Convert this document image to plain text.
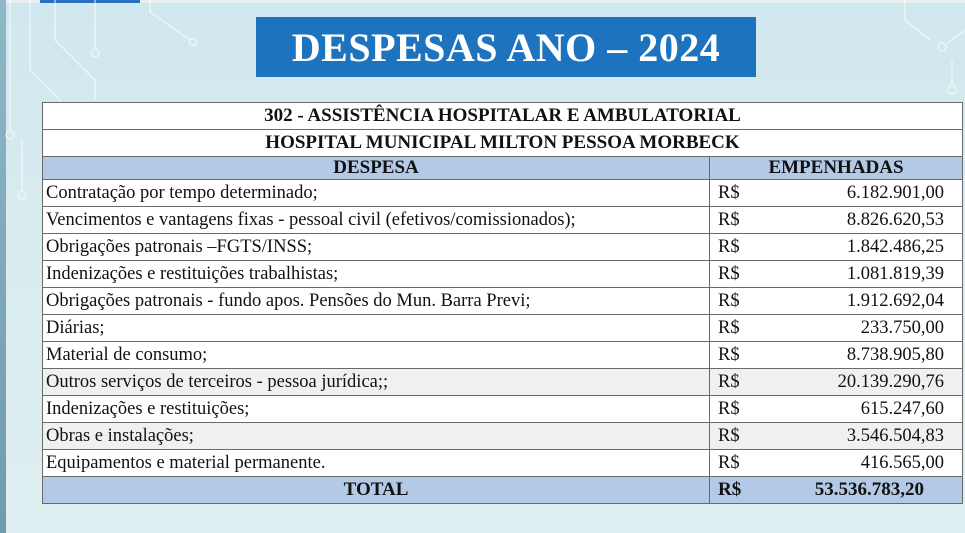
DESPESAS ANO – 2024
302 - ASSISTÊNCIA HOSPITALAR E AMBULATORIAL		
HOSPITAL MUNICIPAL MILTON PESSOA MORBECK		
DESPESA	EMPENHADAS	
Contratação por tempo determinado;	R$	6.182.901,00
Vencimentos e vantagens fixas - pessoal civil (efetivos/comissionados);	R$	8.826.620,53
Obrigações patronais –FGTS/INSS;	R$	1.842.486,25
Indenizações e restituições trabalhistas;	R$	1.081.819,39
Obrigações patronais - fundo apos. Pensões do Mun. Barra Previ;	R$	1.912.692,04
Diárias;	R$	233.750,00
Material de consumo;	R$	8.738.905,80
Outros serviços de terceiros - pessoa jurídica;;	R$	20.139.290,76
Indenizações e restituições;	R$	615.247,60
Obras e instalações;	R$	3.546.504,83
Equipamentos e material permanente.	R$	416.565,00
TOTAL	R$	53.536.783,20
